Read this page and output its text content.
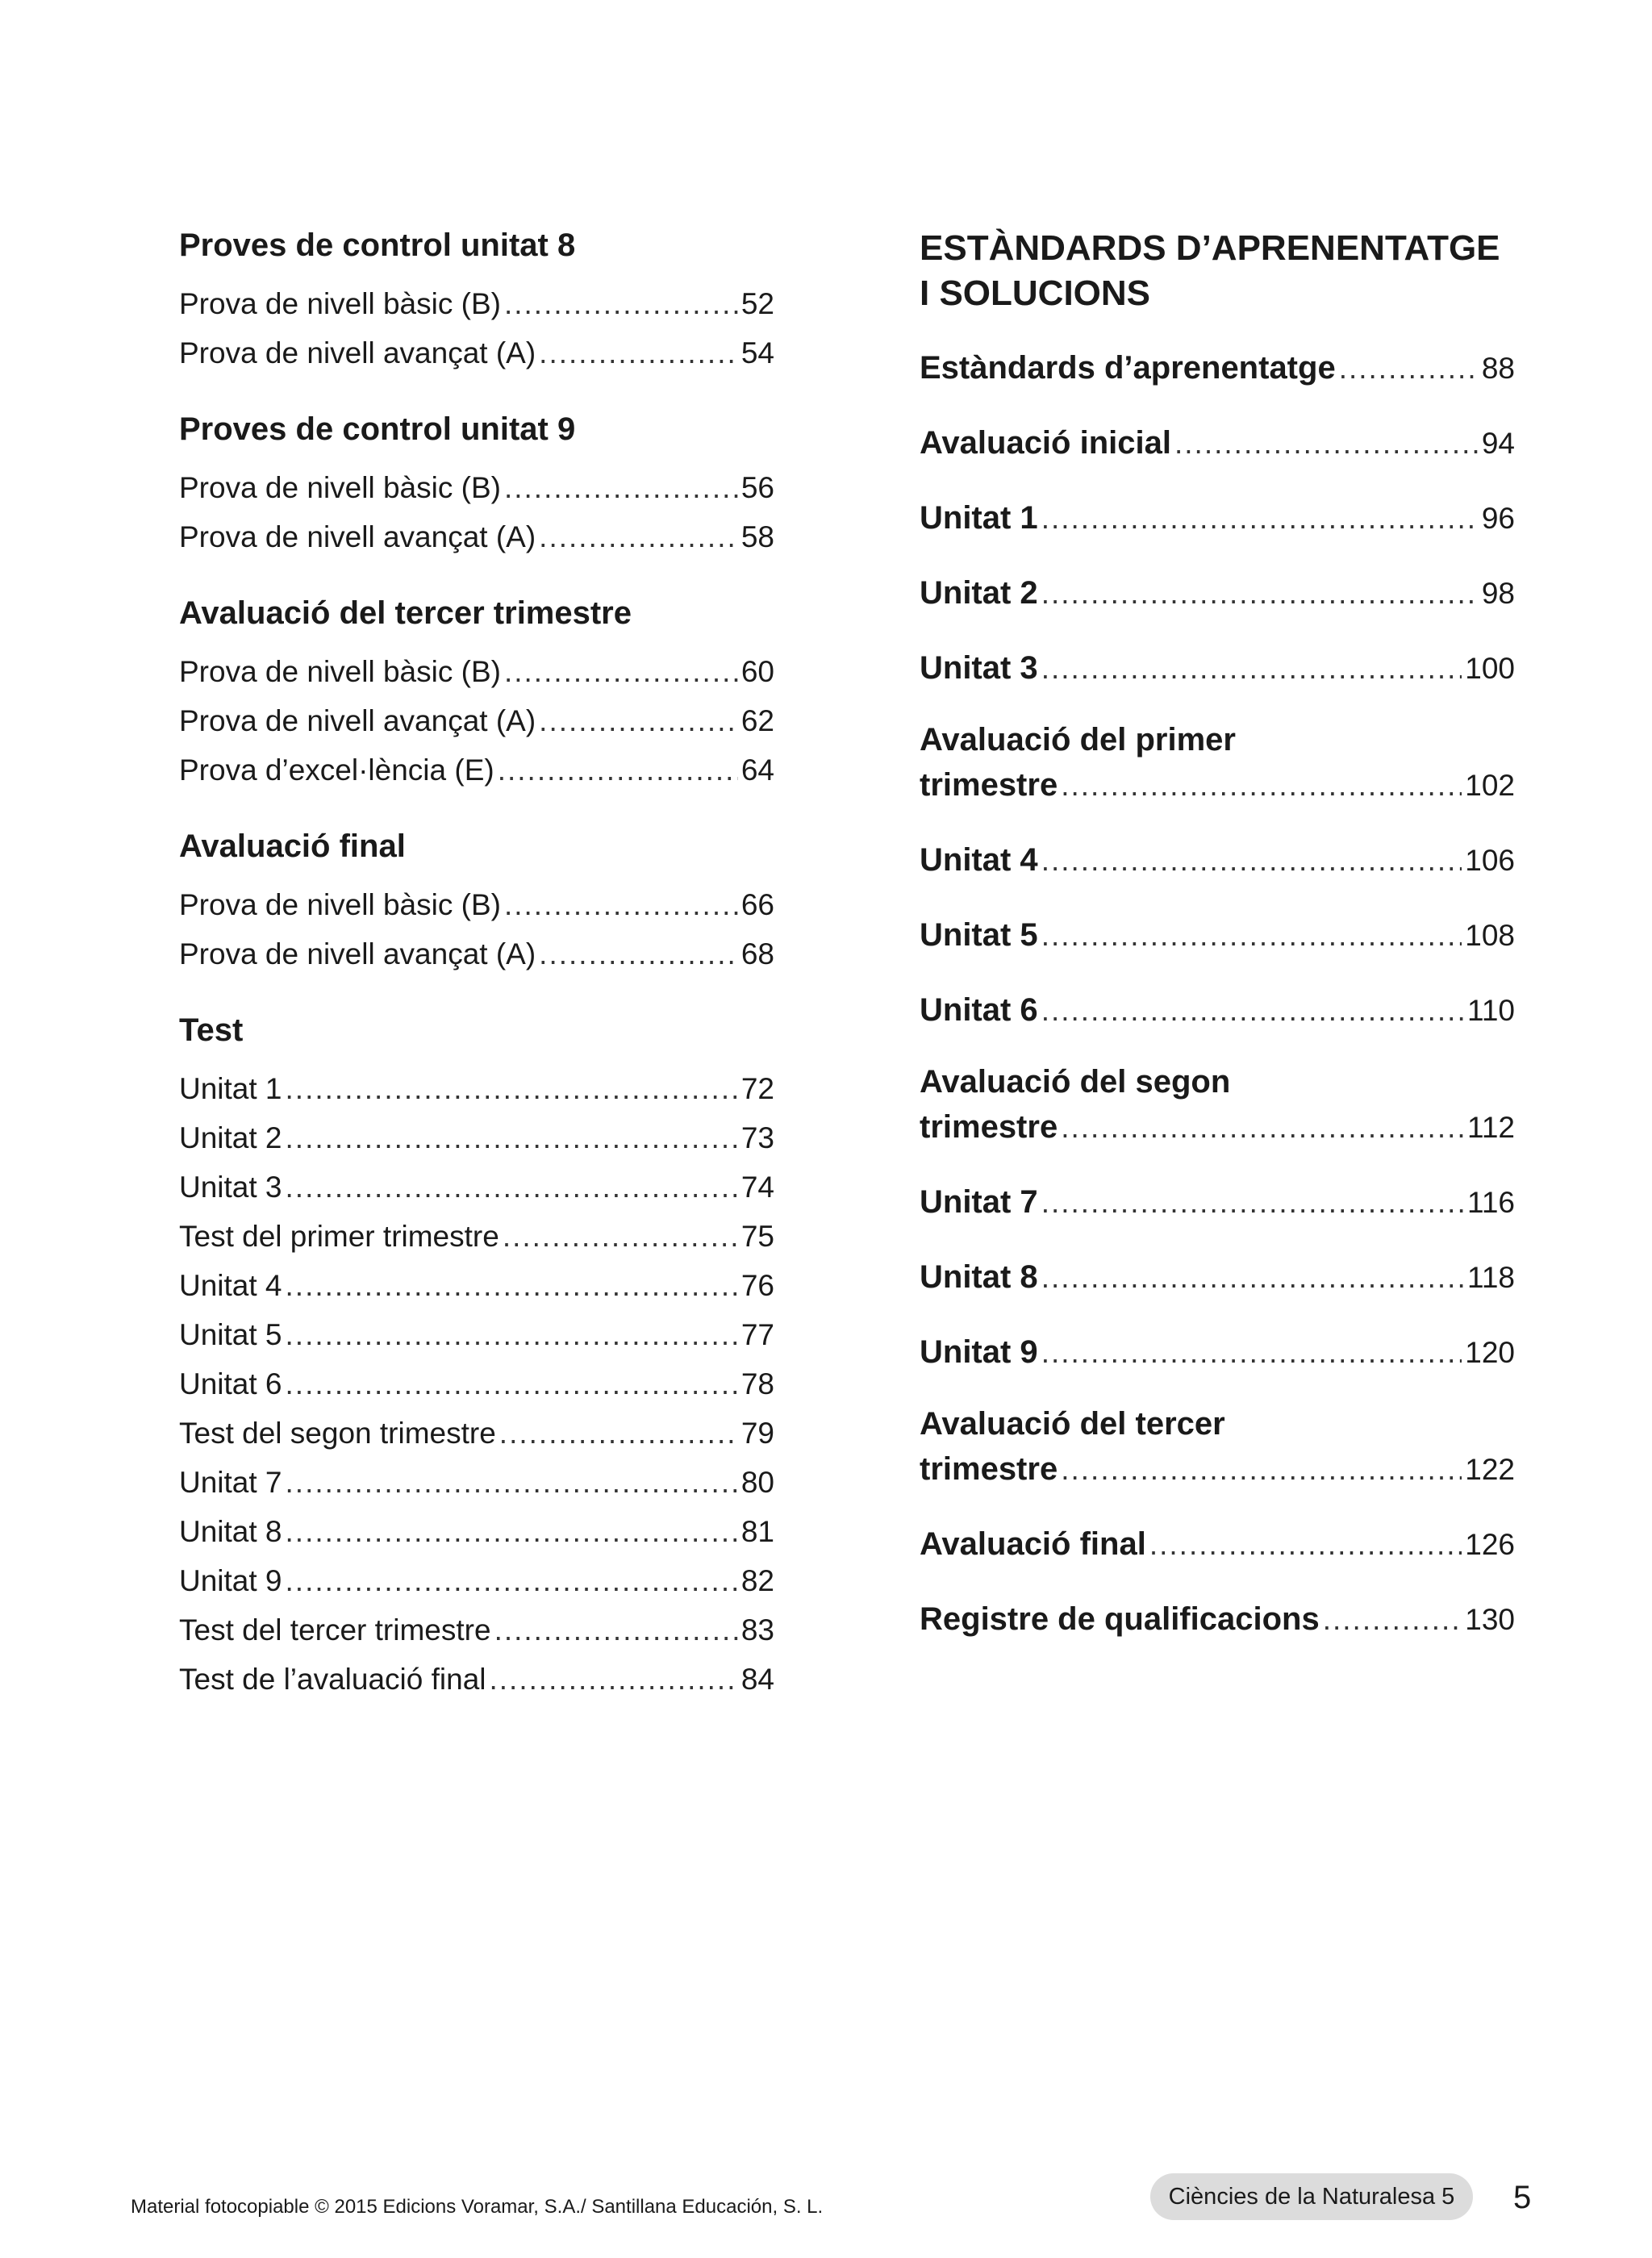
Proves de control unitat 8
Prova de nivell bàsic (B) .....	52
Prova de nivell avançat (A) .....	54
Proves de control unitat 9
Prova de nivell bàsic (B) .....	56
Prova de nivell avançat (A) .....	58
Avaluació del tercer trimestre
Prova de nivell bàsic (B) .....	60
Prova de nivell avançat (A) .....	62
Prova d’excel·lència (E) .....	64
Avaluació final
Prova de nivell bàsic (B) .....	66
Prova de nivell avançat (A) .....	68
Test
Unitat 1 .....	72
Unitat 2 .....	73
Unitat 3 .....	74
Test del primer trimestre .....	75
Unitat 4 .....	76
Unitat 5 .....	77
Unitat 6 .....	78
Test del segon trimestre .....	79
Unitat 7 .....	80
Unitat 8 .....	81
Unitat 9 .....	82
Test del tercer trimestre .....	83
Test de l’avaluació final .....	84
ESTÀNDARDS D’APRENENTATGE
I SOLUCIONS
Estàndards d’aprenentatge .....	88
Avaluació inicial .....	94
Unitat 1 .....	96
Unitat 2 .....	98
Unitat 3 .....	100
Avaluació del primer
trimestre .....	102
Unitat 4 .....	106
Unitat 5 .....	108
Unitat 6 .....	110
Avaluació del segon
trimestre .....	112
Unitat 7 .....	116
Unitat 8 .....	118
Unitat 9 .....	120
Avaluació del tercer
trimestre .....	122
Avaluació final .....	126
Registre de qualificacions .....	130
Material fotocopiable © 2015 Edicions Voramar, S.A./ Santillana Educación, S. L.	Ciències de la Naturalesa 5	5
